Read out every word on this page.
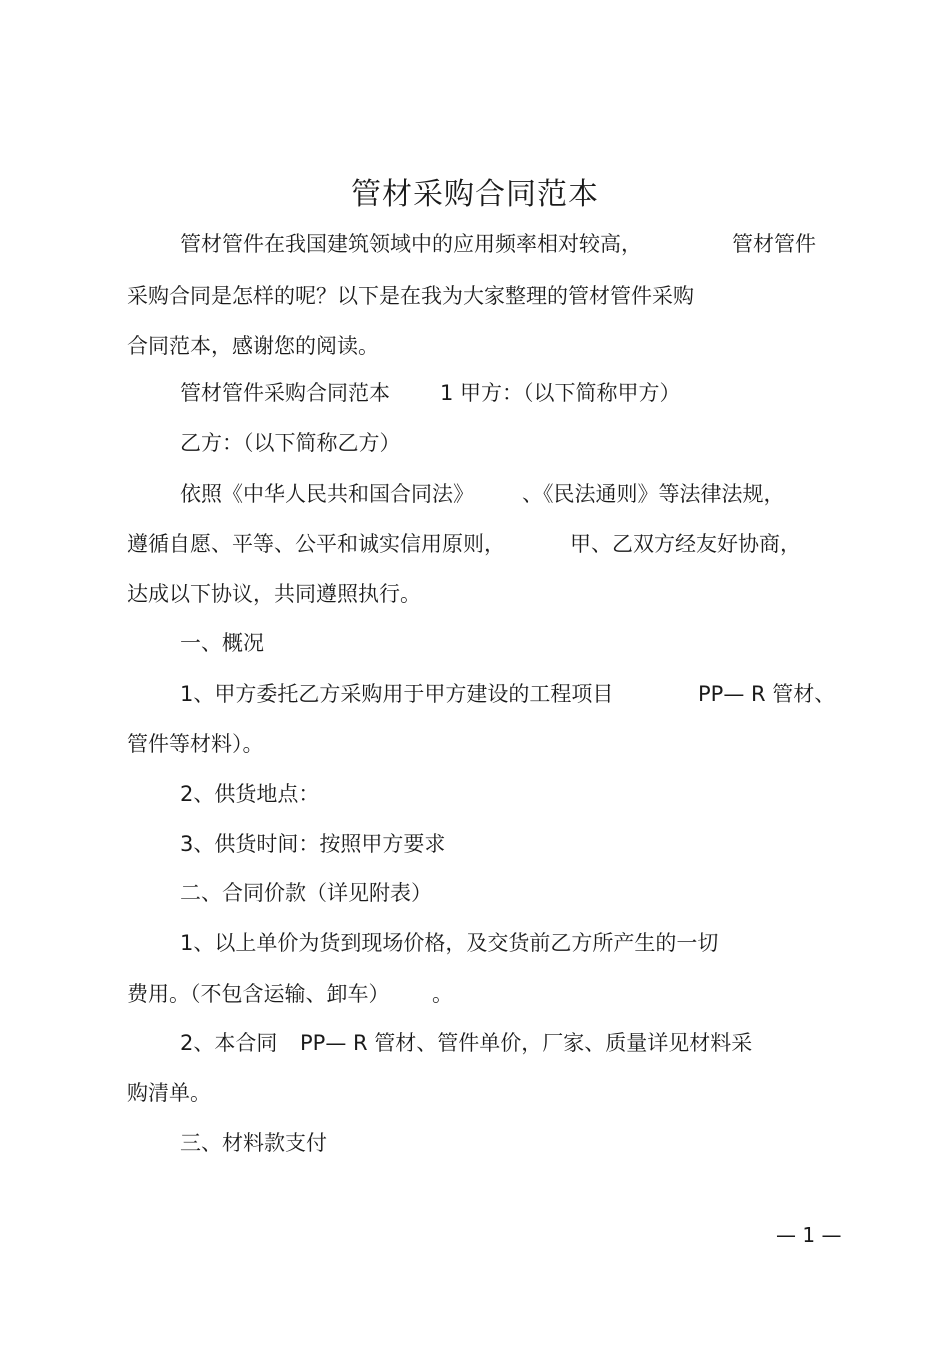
管材采购合同范本
管材管件在我国建筑领域中的应用频率相对较高，	管材管件
采购合同是怎样的呢？以下是在我为大家整理的管材管件采购
合同范本，感谢您的阅读。
管材管件采购合同范本 1 甲方：（以下简称甲方）
乙方：（以下简称乙方）
依照《中华人民共和国合同法》 、《民法通则》等法律法规，
遵循自愿、平等、公平和诚实信用原则，	甲、乙双方经友好协商，
达成以下协议，共同遵照执行。
一、概况
1、甲方委托乙方采购用于甲方建设的工程项目	PP— R 管材、
管件等材料）。
2、供货地点：
3、供货时间：按照甲方要求
二、合同价款（详见附表）
1、以上单价为货到现场价格，及交货前乙方所产生的一切
费用。（不包含运输、卸车） 。
2、本合同 PP— R 管材、管件单价，厂家、质量详见材料采
购清单。
三、材料款支付
— 1 —
